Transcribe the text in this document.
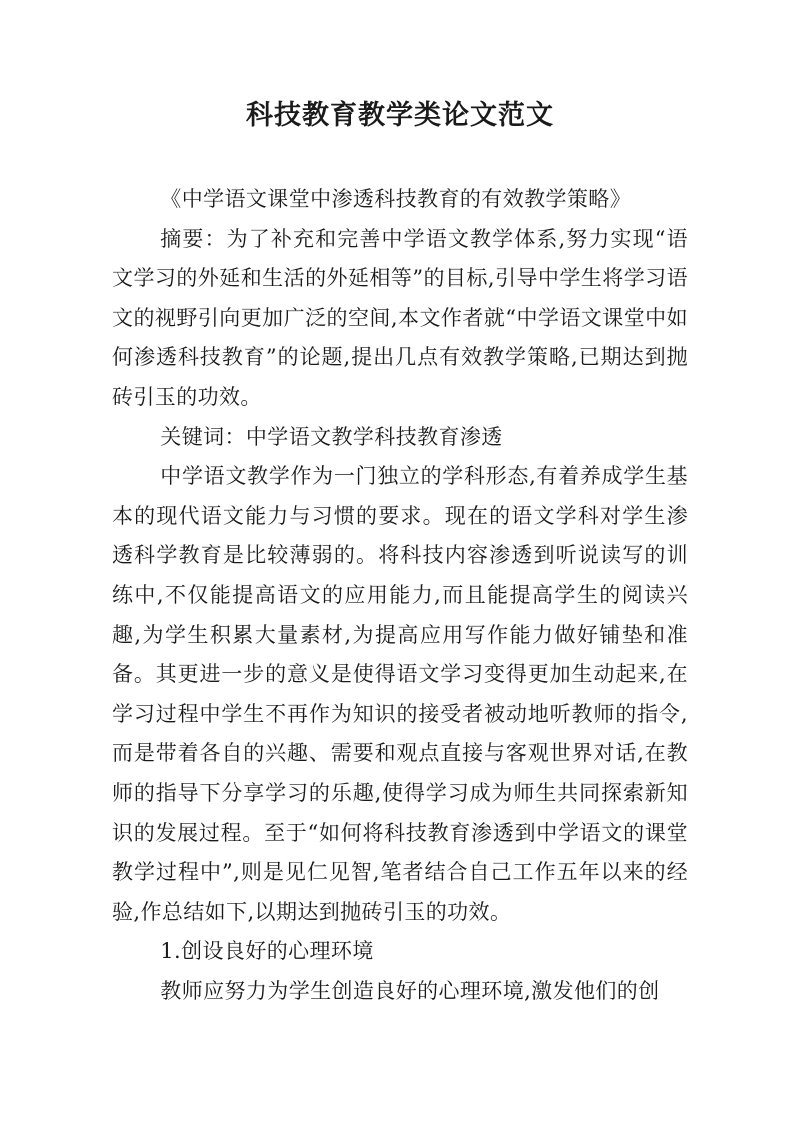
科技教育教学类论文范文

《中学语文课堂中渗透科技教育的有效教学策略》

摘要：为了补充和完善中学语文教学体系,努力实现“语文学习的外延和生活的外延相等”的目标,引导中学生将学习语文的视野引向更加广泛的空间,本文作者就“中学语文课堂中如何渗透科技教育”的论题,提出几点有效教学策略,已期达到抛砖引玉的功效。

关键词：中学语文教学科技教育渗透

中学语文教学作为一门独立的学科形态,有着养成学生基本的现代语文能力与习惯的要求。现在的语文学科对学生渗透科学教育是比较薄弱的。将科技内容渗透到听说读写的训练中,不仅能提高语文的应用能力,而且能提高学生的阅读兴趣,为学生积累大量素材,为提高应用写作能力做好铺垫和准备。其更进一步的意义是使得语文学习变得更加生动起来,在学习过程中学生不再作为知识的接受者被动地听教师的指令,而是带着各自的兴趣、需要和观点直接与客观世界对话,在教师的指导下分享学习的乐趣,使得学习成为师生共同探索新知识的发展过程。至于“如何将科技教育渗透到中学语文的课堂教学过程中”,则是见仁见智,笔者结合自己工作五年以来的经验,作总结如下,以期达到抛砖引玉的功效。

1.创设良好的心理环境

教师应努力为学生创造良好的心理环境,激发他们的创
